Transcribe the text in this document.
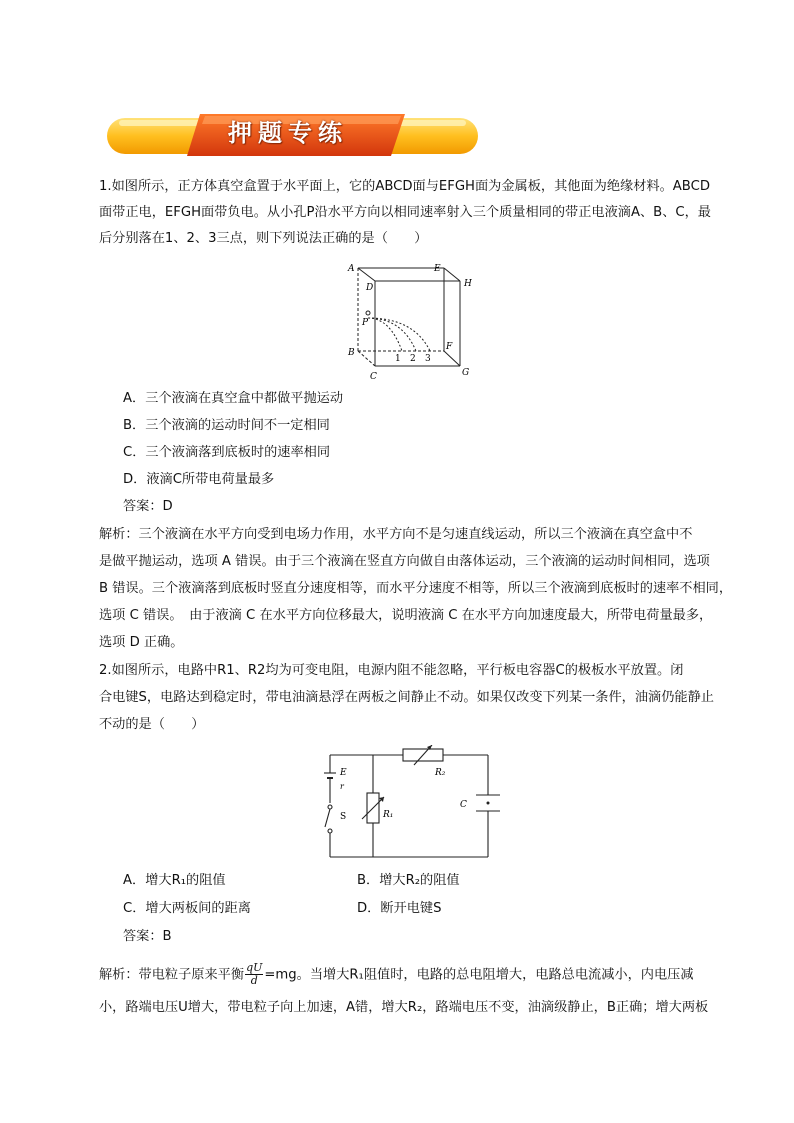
押题专练
1.如图所示，正方体真空盒置于水平面上，它的ABCD面与EFGH面为金属板，其他面为绝缘材料。ABCD
面带正电，EFGH面带负电。从小孔P沿水平方向以相同速率射入三个质量相同的带正电液滴A、B、C，最
后分别落在1、2、3三点，则下列说法正确的是（　　）
A
D
E
H
P
B
F
C	G
1 2 3
A．三个液滴在真空盒中都做平抛运动
B．三个液滴的运动时间不一定相同
C．三个液滴落到底板时的速率相同
D．液滴C所带电荷量最多
答案：D
解析：三个液滴在水平方向受到电场力作用，水平方向不是匀速直线运动，所以三个液滴在真空盒中不
是做平抛运动，选项 A 错误。由于三个液滴在竖直方向做自由落体运动，三个液滴的运动时间相同，选项
B 错误。三个液滴落到底板时竖直分速度相等，而水平分速度不相等，所以三个液滴到底板时的速率不相同，
选项 C 错误。　由于液滴 C 在水平方向位移最大，说明液滴 C 在水平方向加速度最大，所带电荷量最多，
选项 D 正确。
2.如图所示，电路中R1、R2均为可变电阻，电源内阻不能忽略，平行板电容器C的极板水平放置。闭
合电键S，电路达到稳定时，带电油滴悬浮在两板之间静止不动。如果仅改变下列某一条件，油滴仍能静止
不动的是（　　）
E
r
S	R₁
R₂
C
A．增大R₁的阻值	B．增大R₂的阻值
C．增大两板间的距离	D．断开电键S
答案：B
解析：带电粒子原来平衡 $\frac{qU}{d} =mg$。当增大R₁阻值时，电路的总电阻增大，电路总电流减小，内电压减
小，路端电压U增大，带电粒子向上加速，A错，增大R₂，路端电压不变，油滴级静止，B正确；增大两板
